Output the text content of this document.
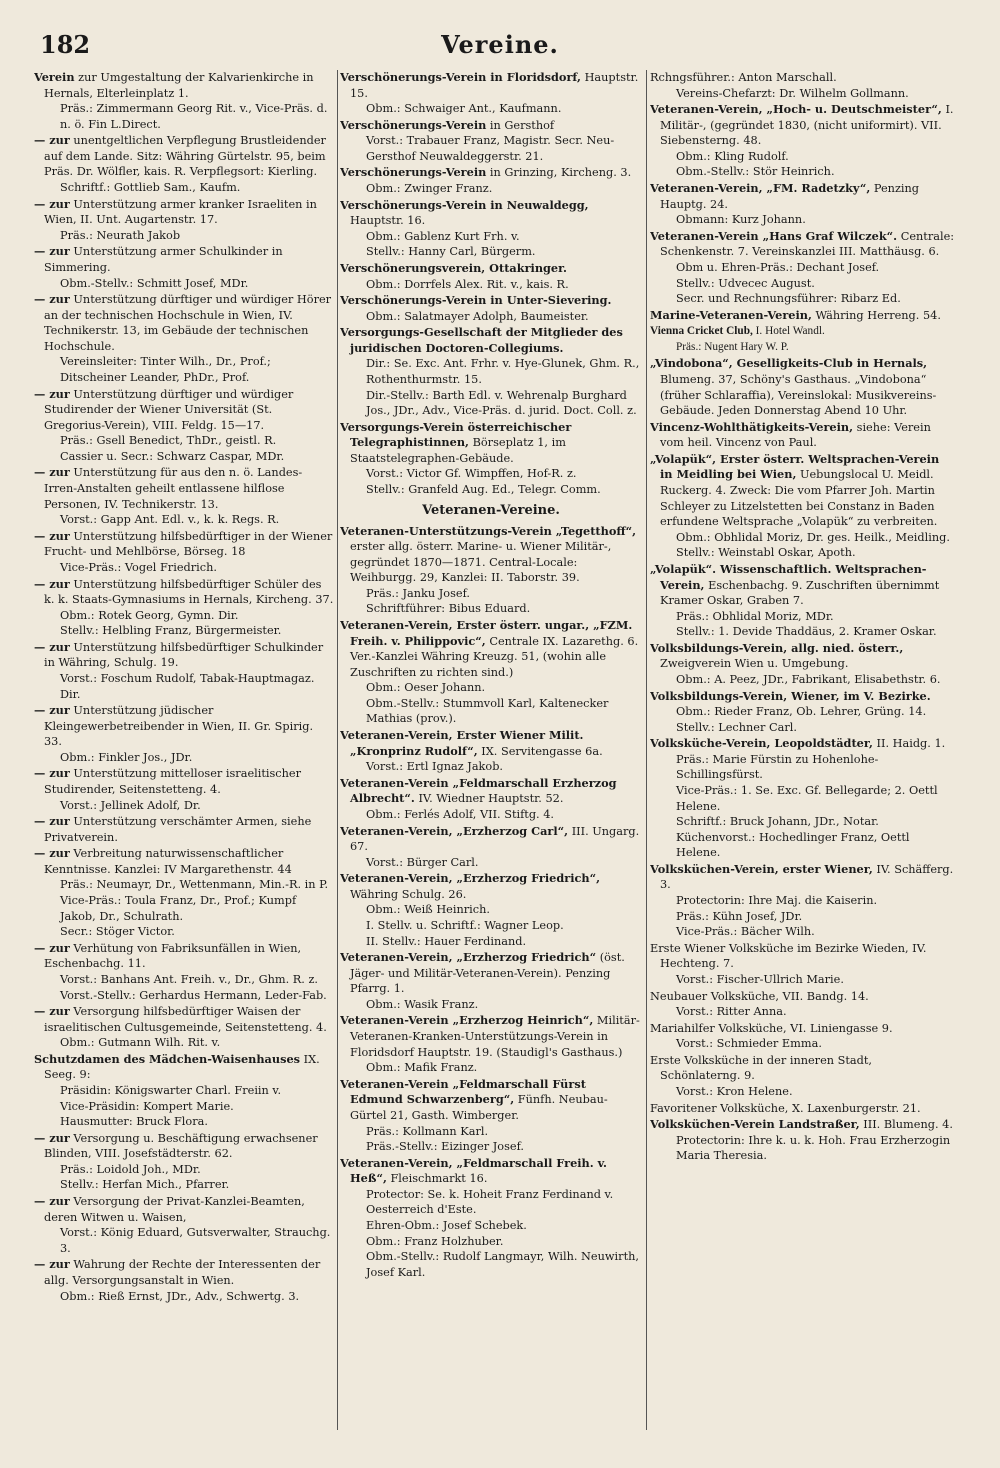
182	Vereine.
Verein zur Umgestaltung der Kalvarienkirche in Hernals, Elterleinplatz 1.
Präs.: Zimmermann Georg Rit. v., Vice-Präs. d. n. ö. Fin L.Direct.
— zur unentgeltlichen Verpflegung Brustleidender auf dem Lande. Sitz: Währing Gürtelstr. 95, beim Präs. Dr. Wölfler, kais. R. Verpflegsort: Kierling.
Schriftf.: Gottlieb Sam., Kaufm.
— zur Unterstützung armer kranker Israeliten in Wien, II. Unt. Augartenstr. 17.
Präs.: Neurath Jakob
— zur Unterstützung armer Schulkinder in Simmering.
Obm.-Stellv.: Schmitt Josef, MDr.
— zur Unterstützung dürftiger und würdiger Hörer an der technischen Hochschule in Wien, IV. Technikerstr. 13, im Gebäude der technischen Hochschule.
Vereinsleiter: Tinter Wilh., Dr., Prof.; Ditscheiner Leander, PhDr., Prof.
— zur Unterstützung dürftiger und würdiger Studirender der Wiener Universität (St. Gregorius-Verein), VIII. Feldg. 15—17.
Präs.: Gsell Benedict, ThDr., geistl. R.
Cassier u. Secr.: Schwarz Caspar, MDr.
— zur Unterstützung für aus den n. ö. Landes-Irren-Anstalten geheilt entlassene hilflose Personen, IV. Technikerstr. 13.
Vorst.: Gapp Ant. Edl. v., k. k. Regs. R.
— zur Unterstützung hilfsbedürftiger in der Wiener Frucht- und Mehlbörse, Börseg. 18
Vice-Präs.: Vogel Friedrich.
— zur Unterstützung hilfsbedürftiger Schüler des k. k. Staats-Gymnasiums in Hernals, Kircheng. 37.
Obm.: Rotek Georg, Gymn. Dir.
Stellv.: Helbling Franz, Bürgermeister.
— zur Unterstützung hilfsbedürftiger Schulkinder in Währing, Schulg. 19.
Vorst.: Foschum Rudolf, Tabak-Hauptmagaz. Dir.
— zur Unterstützung jüdischer Kleingewerbetreibender in Wien, II. Gr. Spirig. 33.
Obm.: Finkler Jos., JDr.
— zur Unterstützung mittelloser israelitischer Studirender, Seitenstetteng. 4.
Vorst.: Jellinek Adolf, Dr.
— zur Unterstützung verschämter Armen, siehe Privatverein.
— zur Verbreitung naturwissenschaftlicher Kenntnisse. Kanzlei: IV Margarethenstr. 44
Präs.: Neumayr, Dr., Wettenmann, Min.-R. in P.
Vice-Präs.: Toula Franz, Dr., Prof.; Kumpf Jakob, Dr., Schulrath.
Secr.: Stöger Victor.
— zur Verhütung von Fabriksunfällen in Wien, Eschenbachg. 11.
Vorst.: Banhans Ant. Freih. v., Dr., Ghm. R. z.
Vorst.-Stellv.: Gerhardus Hermann, Leder-Fab.
— zur Versorgung hilfsbedürftiger Waisen der israelitischen Cultusgemeinde, Seitenstetteng. 4.
Obm.: Gutmann Wilh. Rit. v.
Schutzdamen des Mädchen-Waisenhauses IX. Seeg. 9:
Präsidin: Königswarter Charl. Freiin v.
Vice-Präsidin: Kompert Marie.
Hausmutter: Bruck Flora.
— zur Versorgung u. Beschäftigung erwachsener Blinden, VIII. Josefstädterstr. 62.
Präs.: Loidold Joh., MDr.
Stellv.: Herfan Mich., Pfarrer.
— zur Versorgung der Privat-Kanzlei-Beamten, deren Witwen u. Waisen,
Vorst.: König Eduard, Gutsverwalter, Strauchg. 3.
— zur Wahrung der Rechte der Interessenten der allg. Versorgungsanstalt in Wien.
Obm.: Rieß Ernst, JDr., Adv., Schwertg. 3.
Verschönerungs-Verein in Floridsdorf, Hauptstr. 15.
Obm.: Schwaiger Ant., Kaufmann.
Verschönerungs-Verein in Gersthof
Vorst.: Trabauer Franz, Magistr. Secr. Neu-Gersthof Neuwaldeggerstr. 21.
Verschönerungs-Verein in Grinzing, Kircheng. 3.
Obm.: Zwinger Franz.
Verschönerungs-Verein in Neuwaldegg, Hauptstr. 16.
Obm.: Gablenz Kurt Frh. v.
Stellv.: Hanny Carl, Bürgerm.
Verschönerungsverein, Ottakringer.
Obm.: Dorrfels Alex. Rit. v., kais. R.
Verschönerungs-Verein in Unter-Sievering.
Obm.: Salatmayer Adolph, Baumeister.
Versorgungs-Gesellschaft der Mitglieder des juridischen Doctoren-Collegiums.
Dir.: Se. Exc. Ant. Frhr. v. Hye-Glunek, Ghm. R., Rothenthurmstr. 15.
Dir.-Stellv.: Barth Edl. v. Wehrenalp Burghard Jos., JDr., Adv., Vice-Präs. d. jurid. Doct. Coll. z.
Versorgungs-Verein österreichischer Telegraphistinnen, Börseplatz 1, im Staatstelegraphen-Gebäude.
Vorst.: Victor Gf. Wimpffen, Hof-R. z.
Stellv.: Granfeld Aug. Ed., Telegr. Comm.
Veteranen-Vereine.
Veteranen-Unterstützungs-Verein „Tegetthoff“, erster allg. österr. Marine- u. Wiener Militär-, gegründet 1870—1871. Central-Locale: Weihburgg. 29, Kanzlei: II. Taborstr. 39.
Präs.: Janku Josef.
Schriftführer: Bibus Eduard.
Veteranen-Verein, Erster österr. ungar., „FZM. Freih. v. Philippovic“, Centrale IX. Lazarethg. 6. Ver.-Kanzlei Währing Kreuzg. 51, (wohin alle Zuschriften zu richten sind.)
Obm.: Oeser Johann.
Obm.-Stellv.: Stummvoll Karl, Kaltenecker Mathias (prov.).
Veteranen-Verein, Erster Wiener Milit. „Kronprinz Rudolf“, IX. Servitengasse 6a.
Vorst.: Ertl Ignaz Jakob.
Veteranen-Verein „Feldmarschall Erzherzog Albrecht“. IV. Wiedner Hauptstr. 52.
Obm.: Ferlés Adolf, VII. Stiftg. 4.
Veteranen-Verein, „Erzherzog Carl“, III. Ungarg. 67.
Vorst.: Bürger Carl.
Veteranen-Verein, „Erzherzog Friedrich“, Währing Schulg. 26.
Obm.: Weiß Heinrich.
I. Stellv. u. Schriftf.: Wagner Leop.
II. Stellv.: Hauer Ferdinand.
Veteranen-Verein, „Erzherzog Friedrich“ (öst. Jäger- und Militär-Veteranen-Verein). Penzing Pfarrg. 1.
Obm.: Wasik Franz.
Veteranen-Verein „Erzherzog Heinrich“, Militär-Veteranen-Kranken-Unterstützungs-Verein in Floridsdorf Hauptstr. 19. (Staudigl's Gasthaus.)
Obm.: Mafik Franz.
Veteranen-Verein „Feldmarschall Fürst Edmund Schwarzenberg“, Fünfh. Neubau-Gürtel 21, Gasth. Wimberger.
Präs.: Kollmann Karl.
Präs.-Stellv.: Eizinger Josef.
Veteranen-Verein, „Feldmarschall Freih. v. Heß“, Fleischmarkt 16.
Protector: Se. k. Hoheit Franz Ferdinand v. Oesterreich d'Este.
Ehren-Obm.: Josef Schebek.
Obm.: Franz Holzhuber.
Obm.-Stellv.: Rudolf Langmayr, Wilh. Neuwirth, Josef Karl.
Rchngsführer.: Anton Marschall.
Vereins-Chefarzt: Dr. Wilhelm Gollmann.
Veteranen-Verein, „Hoch- u. Deutschmeister“, I. Militär-, (gegründet 1830, (nicht uniformirt). VII. Siebensterng. 48.
Obm.: Kling Rudolf.
Obm.-Stellv.: Stör Heinrich.
Veteranen-Verein, „FM. Radetzky“, Penzing Hauptg. 24.
Obmann: Kurz Johann.
Veteranen-Verein „Hans Graf Wilczek“. Centrale: Schenkenstr. 7. Vereinskanzlei III. Matthäusg. 6.
Obm u. Ehren-Präs.: Dechant Josef.
Stellv.: Udvecec August.
Secr. und Rechnungsführer: Ribarz Ed.
Marine-Veteranen-Verein, Währing Herreng. 54.
Vienna Cricket Club, I. Hotel Wandl.
Präs.: Nugent Hary W. P.
„Vindobona“, Geselligkeits-Club in Hernals, Blumeng. 37, Schöny's Gasthaus. „Vindobona“ (früher Schlaraffia), Vereinslokal: Musikvereins-Gebäude. Jeden Donnerstag Abend 10 Uhr.
Vincenz-Wohlthätigkeits-Verein, siehe: Verein vom heil. Vincenz von Paul.
„Volapük“, Erster österr. Weltsprachen-Verein in Meidling bei Wien, Uebungslocal U. Meidl. Ruckerg. 4. Zweck: Die vom Pfarrer Joh. Martin Schleyer zu Litzelstetten bei Constanz in Baden erfundene Weltsprache „Volapük“ zu verbreiten.
Obm.: Obhlidal Moriz, Dr. ges. Heilk., Meidling.
Stellv.: Weinstabl Oskar, Apoth.
„Volapük“. Wissenschaftlich. Weltsprachen-Verein, Eschenbachg. 9. Zuschriften übernimmt Kramer Oskar, Graben 7.
Präs.: Obhlidal Moriz, MDr.
Stellv.: 1. Devide Thaddäus, 2. Kramer Oskar.
Volksbildungs-Verein, allg. nied. österr., Zweigverein Wien u. Umgebung.
Obm.: A. Peez, JDr., Fabrikant, Elisabethstr. 6.
Volksbildungs-Verein, Wiener, im V. Bezirke.
Obm.: Rieder Franz, Ob. Lehrer, Grüng. 14.
Stellv.: Lechner Carl.
Volksküche-Verein, Leopoldstädter, II. Haidg. 1.
Präs.: Marie Fürstin zu Hohenlohe-Schillingsfürst.
Vice-Präs.: 1. Se. Exc. Gf. Bellegarde; 2. Oettl Helene.
Schriftf.: Bruck Johann, JDr., Notar.
Küchenvorst.: Hochedlinger Franz, Oettl Helene.
Volksküchen-Verein, erster Wiener, IV. Schäfferg. 3.
Protectorin: Ihre Maj. die Kaiserin.
Präs.: Kühn Josef, JDr.
Vice-Präs.: Bächer Wilh.
Erste Wiener Volksküche im Bezirke Wieden, IV. Hechteng. 7.
Vorst.: Fischer-Ullrich Marie.
Neubauer Volksküche, VII. Bandg. 14.
Vorst.: Ritter Anna.
Mariahilfer Volksküche, VI. Liniengasse 9.
Vorst.: Schmieder Emma.
Erste Volksküche in der inneren Stadt, Schönlaterng. 9.
Vorst.: Kron Helene.
Favoritener Volksküche, X. Laxenburgerstr. 21.
Volksküchen-Verein Landstraßer, III. Blumeng. 4.
Protectorin: Ihre k. u. k. Hoh. Frau Erzherzogin Maria Theresia.
